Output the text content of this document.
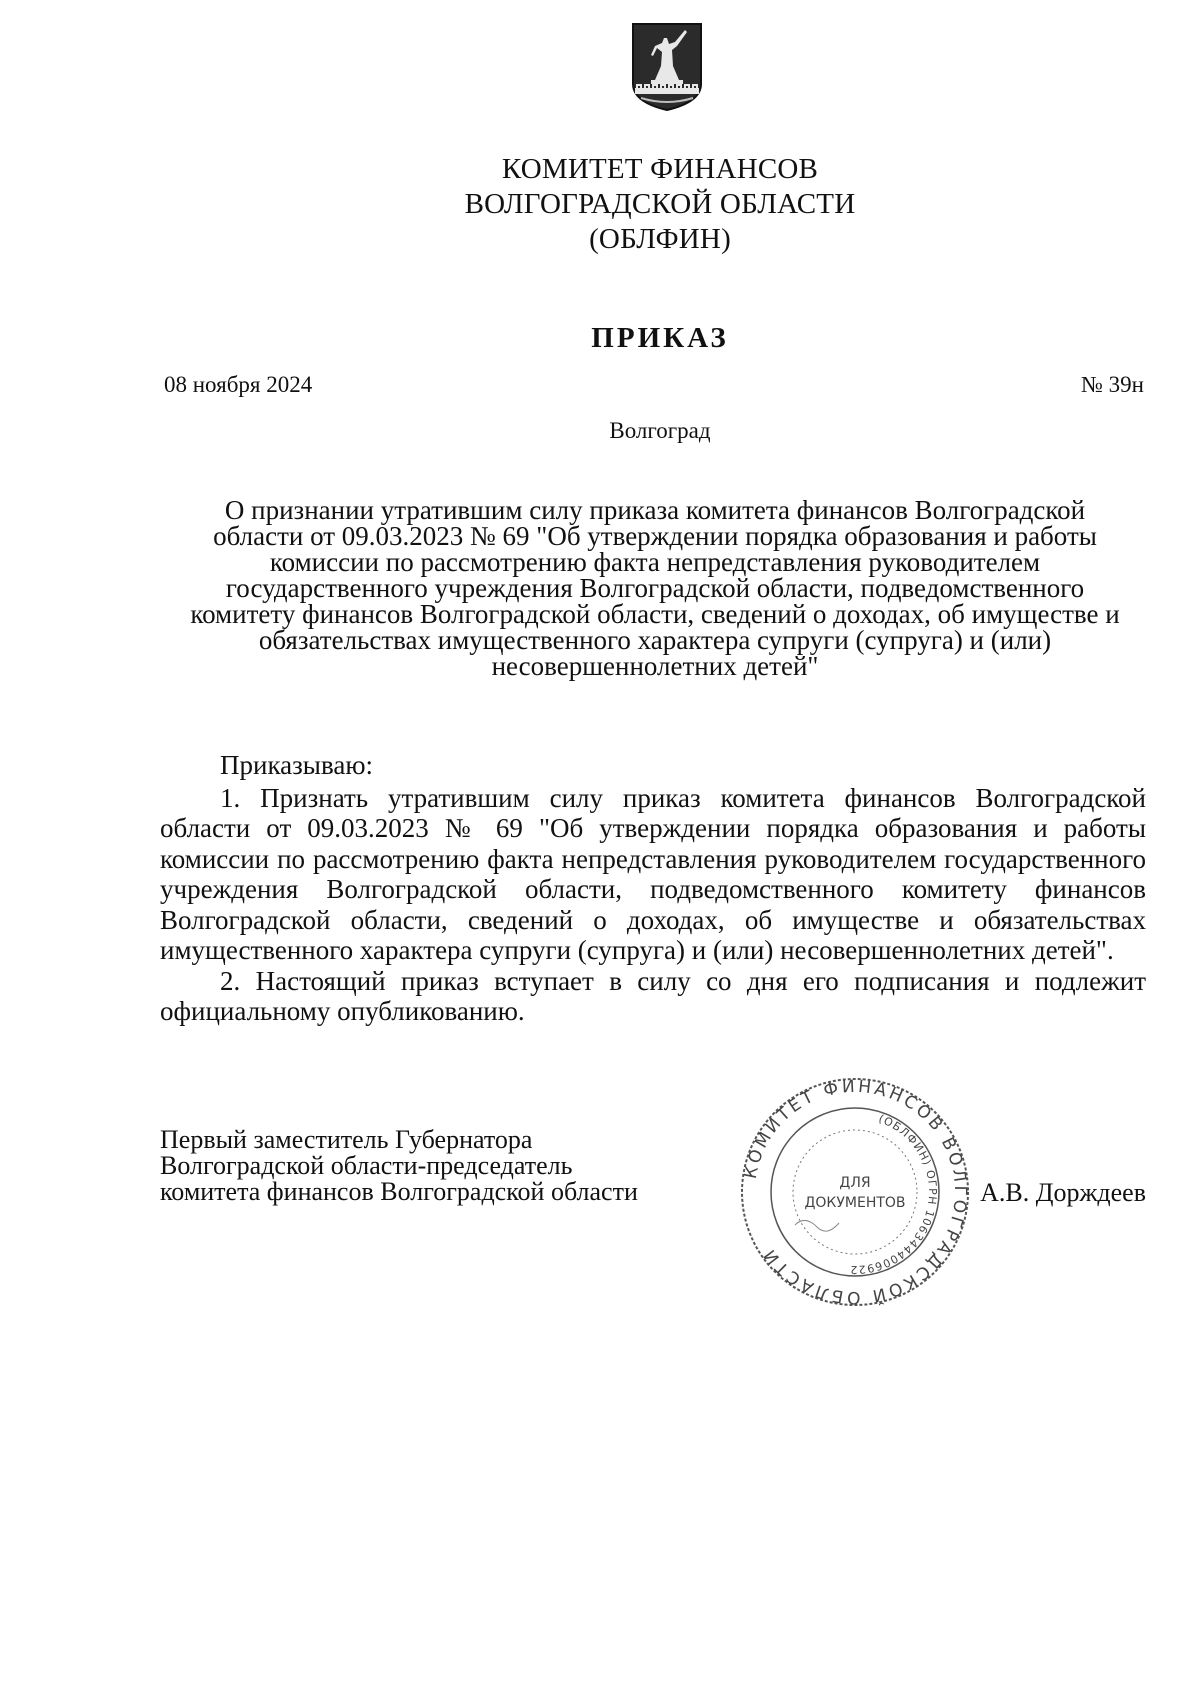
КОМИТЕТ ФИНАНСОВ
ВОЛГОГРАДСКОЙ ОБЛАСТИ
(ОБЛФИН)
ПРИКАЗ
08 ноября 2024	№ 39н
Волгоград
О признании утратившим силу приказа комитета финансов Волгоградской
области от 09.03.2023 № 69 "Об утверждении порядка образования и работы
комиссии по рассмотрению факта непредставления руководителем
государственного учреждения Волгоградской области, подведомственного
комитету финансов Волгоградской области, сведений о доходах, об имуществе и
обязательствах имущественного характера супруги (супруга) и (или)
несовершеннолетних детей"
Приказываю:

1. Признать утратившим силу приказ комитета финансов Волгоградской области от 09.03.2023 № 69 "Об утверждении порядка образования и работы комиссии по рассмотрению факта непредставления руководителем государственного учреждения Волгоградской области, подведомственного комитету финансов Волгоградской области, сведений о доходах, об имуществе и обязательствах имущественного характера супруги (супруга) и (или) несовершеннолетних детей".

2. Настоящий приказ вступает в силу со дня его подписания и подлежит официальному опубликованию.

Первый заместитель Губернатора
Волгоградской области-председатель
комитета финансов Волгоградской области
КОМИТЕТ ФИНАНСОВ ВОЛГОГРАДСКОЙ ОБЛАСТИ
(ОБЛФИН) ОГРН 1063444006922
ДЛЯ
ДОКУМЕНТОВ	А.В. Дорждеев
